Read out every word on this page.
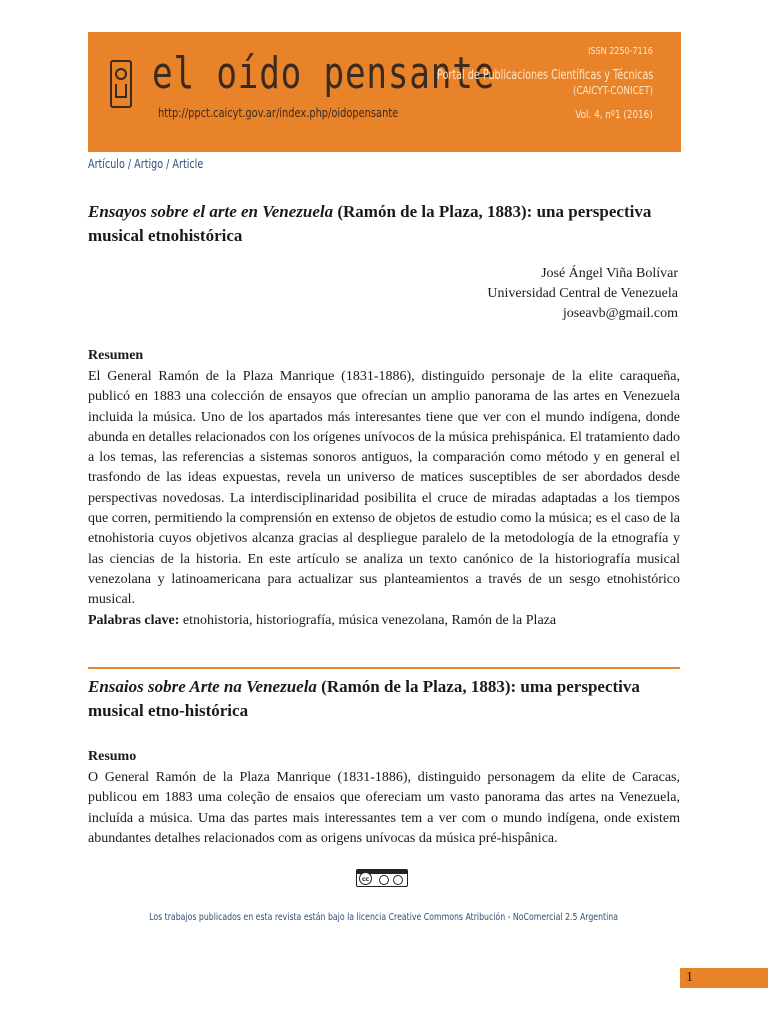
el oído pensante
http://ppct.caicyt.gov.ar/index.php/oidopensante
ISSN 2250-7116
Portal de Publicaciones Científicas y Técnicas
(CAICYT-CONICET)
Vol. 4, nº1 (2016)
Artículo / Artigo / Article
Ensayos sobre el arte en Venezuela (Ramón de la Plaza, 1883): una perspectiva musical etnohistórica
José Ángel Viña Bolívar
Universidad Central de Venezuela
joseavb@gmail.com
Resumen
El General Ramón de la Plaza Manrique (1831-1886), distinguido personaje de la elite caraqueña, publicó en 1883 una colección de ensayos que ofrecían un amplio panorama de las artes en Venezuela incluida la música. Uno de los apartados más interesantes tiene que ver con el mundo indígena, donde abunda en detalles relacionados con los orígenes unívocos de la música prehispánica. El tratamiento dado a los temas, las referencias a sistemas sonoros antiguos, la comparación como método y en general el trasfondo de las ideas expuestas, revela un universo de matices susceptibles de ser abordados desde perspectivas novedosas. La interdisciplinaridad posibilita el cruce de miradas adaptadas a los tiempos que corren, permitiendo la comprensión en extenso de objetos de estudio como la música; es el caso de la etnohistoria cuyos objetivos alcanza gracias al despliegue paralelo de la metodología de la etnografía y las ciencias de la historia. En este artículo se analiza un texto canónico de la historiografía musical venezolana y latinoamericana para actualizar sus planteamientos a través de un sesgo etnohistórico musical.
Palabras clave: etnohistoria, historiografía, música venezolana, Ramón de la Plaza
Ensaios sobre Arte na Venezuela (Ramón de la Plaza, 1883): uma perspectiva musical etno-histórica
Resumo
O General Ramón de la Plaza Manrique (1831-1886), distinguido personagem da elite de Caracas, publicou em 1883 uma coleção de ensaios que ofereciam um vasto panorama das artes na Venezuela, incluída a música. Uma das partes mais interessantes tem a ver com o mundo indígena, onde existem abundantes detalhes relacionados com as origens unívocas da música pré-hispânica.
cc
Los trabajos publicados en esta revista están bajo la licencia Creative Commons Atribución - NoComercial 2.5 Argentina
1
